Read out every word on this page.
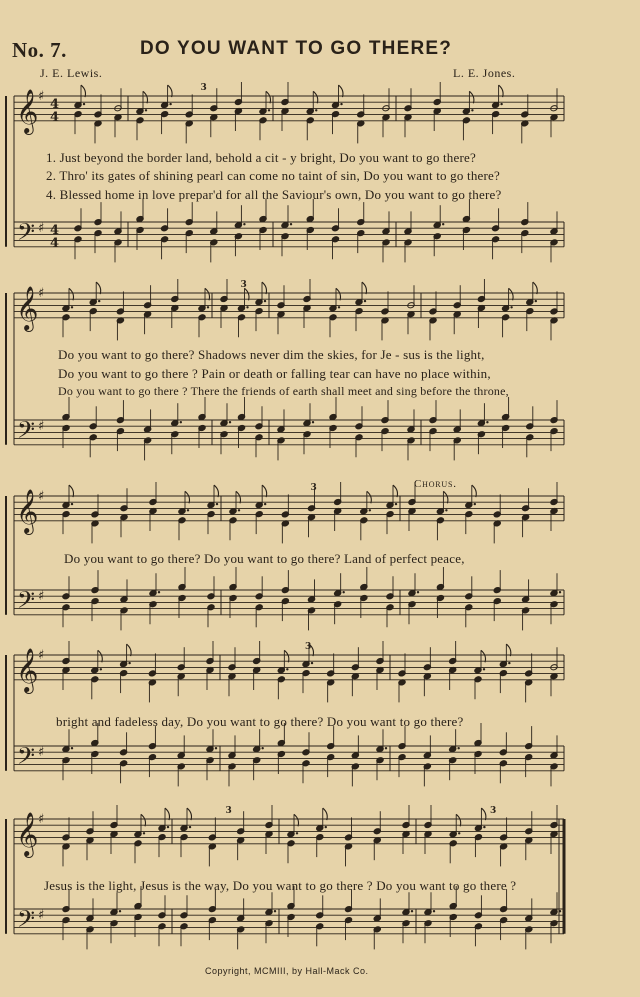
No. 7.	DO YOU WANT TO GO THERE?
J. E. Lewis.	L. E. Jones.
𝄞
𝄢
♯
♯
4
4
4
4
3
𝄞
𝄢
♯
♯
3
𝄞
𝄢
♯
♯
3
𝄞
𝄢
♯
♯
3
𝄞
𝄢
♯
♯
3	3
1. Just beyond the border land, behold a cit - y bright, Do you want to go there?
2. Thro' its gates of shining pearl can come no taint of sin, Do you want to go there?
4. Blessed home in love prepar'd for all the Saviour's own, Do you want to go there?
Do you want to go there? Shadows never dim the skies, for Je - sus is the light,
Do you want to go there ? Pain or death or falling tear can have no place within,
Do you want to go there ? There the friends of earth shall meet and sing before the throne,
Chorus.
Do you want to go there? Do you want to go there? Land of perfect peace,
bright and fadeless day, Do you want to go there? Do you want to go there?
Jesus is the light, Jesus is the way, Do you want to go there ? Do you want to go there ?
Copyright, MCMIII, by Hall-Mack Co.
